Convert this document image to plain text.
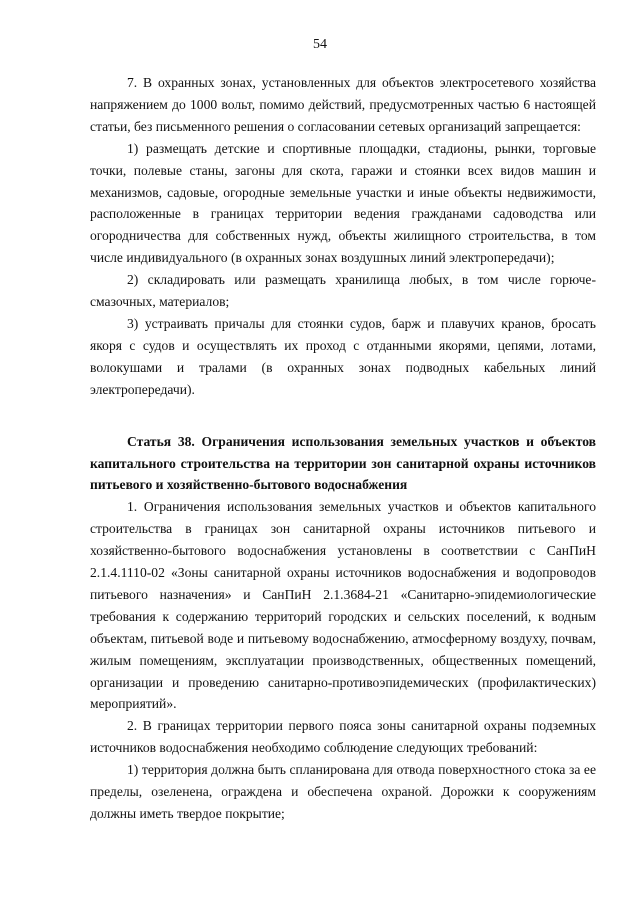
54

7. В охранных зонах, установленных для объектов электросетевого хозяйства напряжением до 1000 вольт, помимо действий, предусмотренных частью 6 настоящей статьи, без письменного решения о согласовании сетевых организаций запрещается:

1) размещать детские и спортивные площадки, стадионы, рынки, торговые точки, полевые станы, загоны для скота, гаражи и стоянки всех видов машин и механизмов, садовые, огородные земельные участки и иные объекты недвижимости, расположенные в границах территории ведения гражданами садоводства или огородничества для собственных нужд, объекты жилищного строительства, в том числе индивидуального (в охранных зонах воздушных линий электропередачи);

2) складировать или размещать хранилища любых, в том числе горюче-смазочных, материалов;

3) устраивать причалы для стоянки судов, барж и плавучих кранов, бросать якоря с судов и осуществлять их проход с отданными якорями, цепями, лотами, волокушами и тралами (в охранных зонах подводных кабельных линий электропередачи).

Статья 38. Ограничения использования земельных участков и объектов капитального строительства на территории зон санитарной охраны источников питьевого и хозяйственно-бытового водоснабжения

1. Ограничения использования земельных участков и объектов капитального строительства в границах зон санитарной охраны источников питьевого и хозяйственно-бытового водоснабжения установлены в соответствии с СанПиН 2.1.4.1110-02 «Зоны санитарной охраны источников водоснабжения и водопроводов питьевого назначения» и СанПиН 2.1.3684-21 «Санитарно-эпидемиологические требования к содержанию территорий городских и сельских поселений, к водным объектам, питьевой воде и питьевому водоснабжению, атмосферному воздуху, почвам, жилым помещениям, эксплуатации производственных, общественных помещений, организации и проведению санитарно-противоэпидемических (профилактических) мероприятий».

2. В границах территории первого пояса зоны санитарной охраны подземных источников водоснабжения необходимо соблюдение следующих требований:

1) территория должна быть спланирована для отвода поверхностного стока за ее пределы, озеленена, ограждена и обеспечена охраной. Дорожки к сооружениям должны иметь твердое покрытие;
